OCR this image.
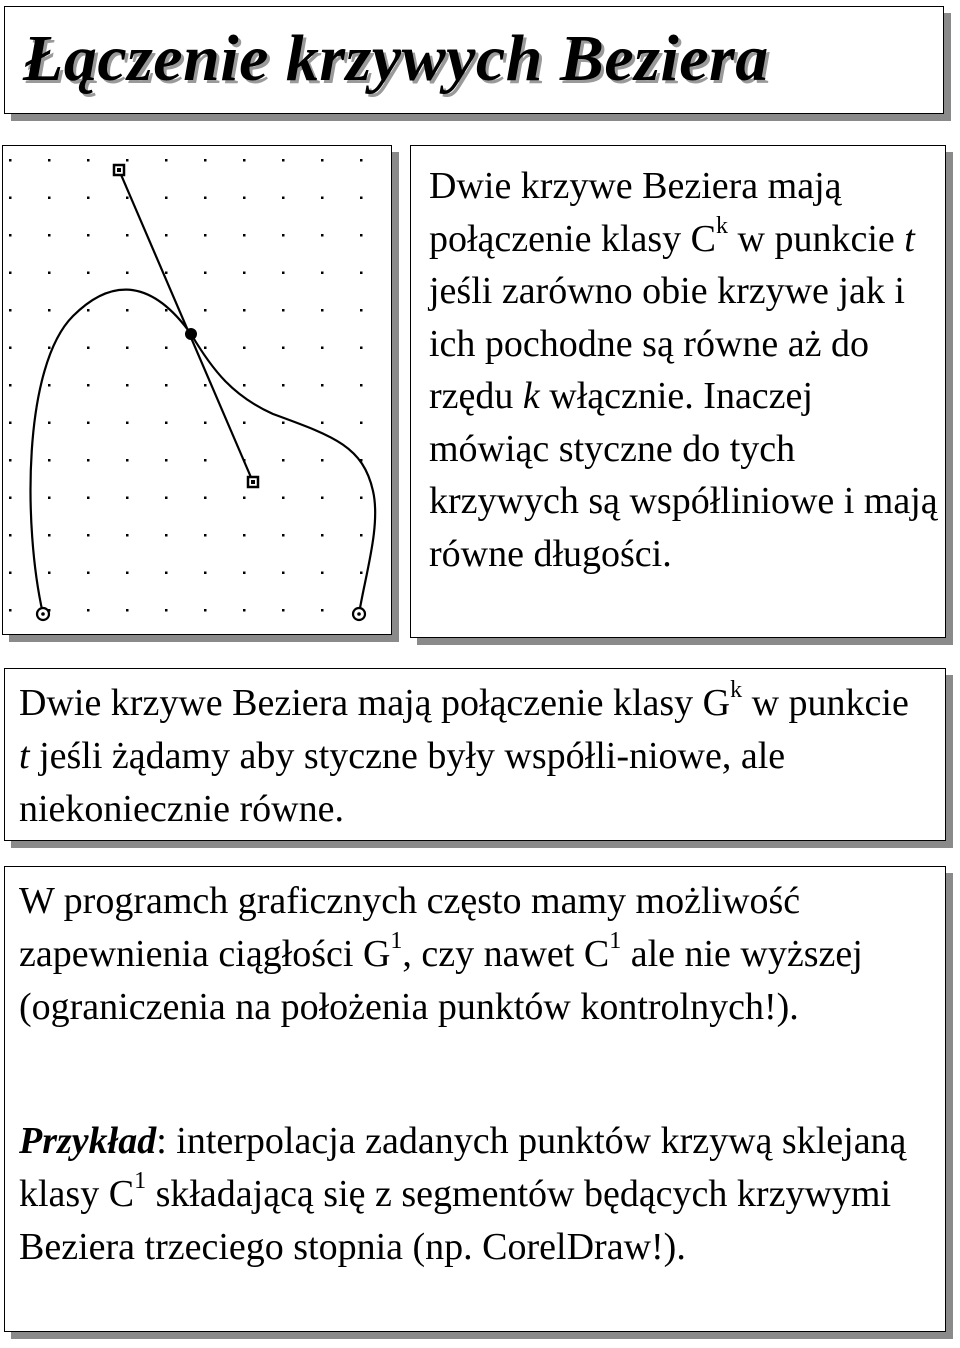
Łączenie krzywych Beziera

Dwie krzywe Beziera mają połączenie klasy $C^k$ w punkcie t jeśli zarówno obie krzywe jak i ich pochodne są równe aż do rzędu k włącznie. Inaczej mówiąc styczne do tych krzywych są współliniowe i mają równe długości.

Dwie krzywe Beziera mają połączenie klasy $G^k$ w punkcie t jeśli żądamy aby styczne były współli-niowe, ale niekoniecznie równe.

W programch graficznych często mamy możliwość zapewnienia ciągłości $G^1$, czy nawet $C^1$ ale nie wyższej (ograniczenia na położenia punktów kontrolnych!).

Przykład: interpolacja zadanych punktów krzywą sklejaną klasy $C^1$ składającą się z segmentów będących krzywymi Beziera trzeciego stopnia (np. CorelDraw!).
